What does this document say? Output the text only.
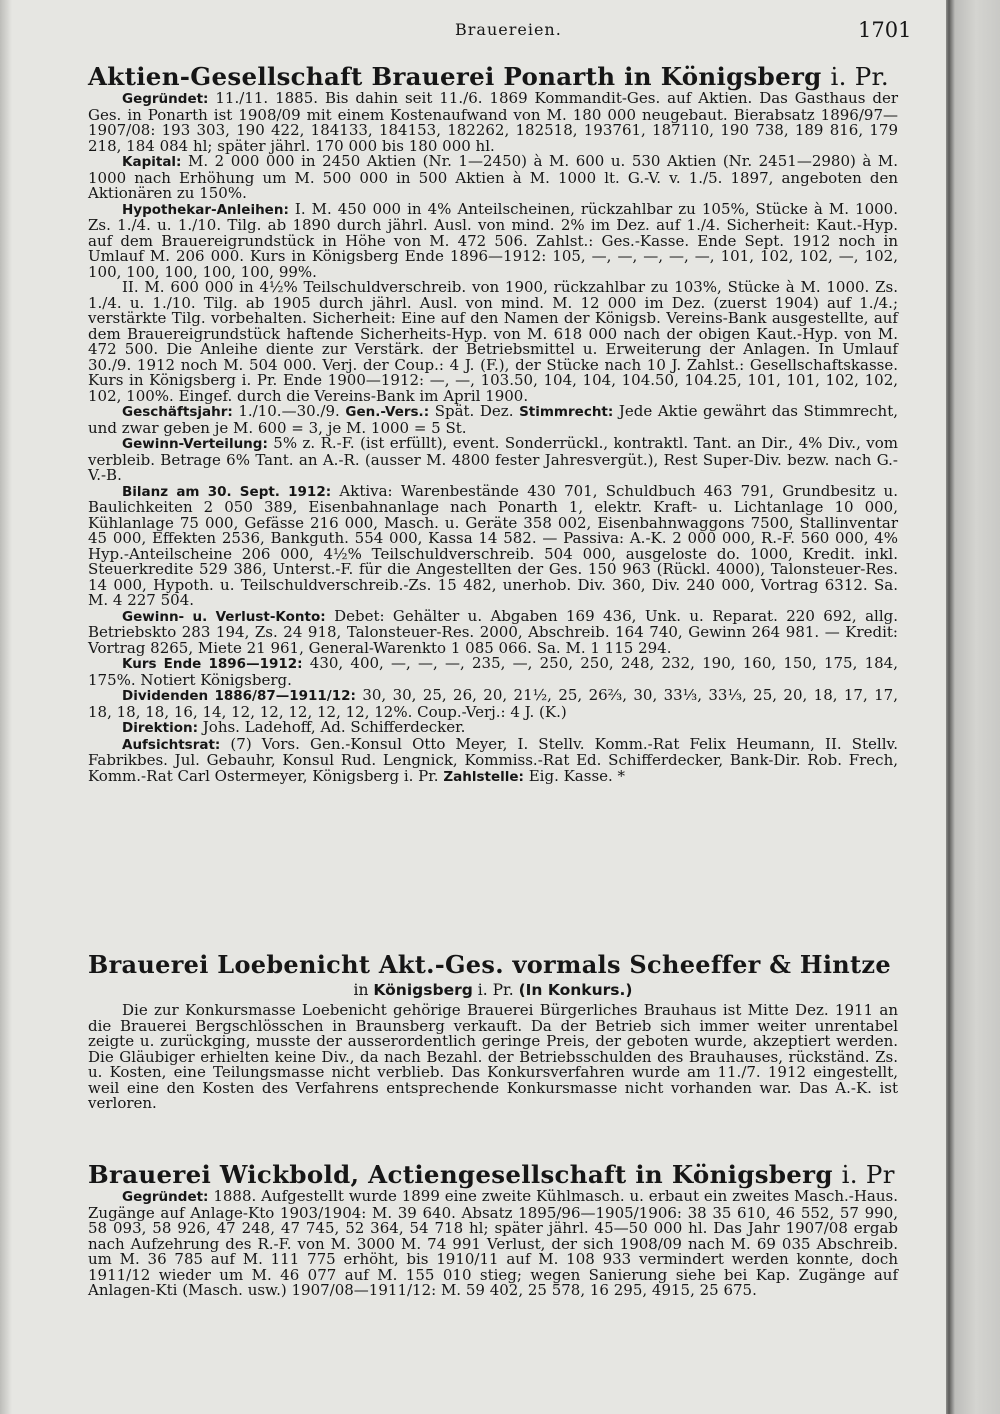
Brauereien.	1701
Aktien-Gesellschaft Brauerei Ponarth in Königsberg i. Pr.

Gegründet: 11./11. 1885. Bis dahin seit 11./6. 1869 Kommandit-Ges. auf Aktien. Das Gasthaus der Ges. in Ponarth ist 1908/09 mit einem Kostenaufwand von M. 180 000 neugebaut. Bierabsatz 1896/97—1907/08: 193 303, 190 422, 184133, 184153, 182262, 182518, 193761, 187110, 190 738, 189 816, 179 218, 184 084 hl; später jährl. 170 000 bis 180 000 hl.

Kapital: M. 2 000 000 in 2450 Aktien (Nr. 1—2450) à M. 600 u. 530 Aktien (Nr. 2451—2980) à M. 1000 nach Erhöhung um M. 500 000 in 500 Aktien à M. 1000 lt. G.-V. v. 1./5. 1897, angeboten den Aktionären zu 150%.

Hypothekar-Anleihen: I. M. 450 000 in 4% Anteilscheinen, rückzahlbar zu 105%, Stücke à M. 1000. Zs. 1./4. u. 1./10. Tilg. ab 1890 durch jährl. Ausl. von mind. 2% im Dez. auf 1./4. Sicherheit: Kaut.-Hyp. auf dem Brauereigrundstück in Höhe von M. 472 506. Zahlst.: Ges.-Kasse. Ende Sept. 1912 noch in Umlauf M. 206 000. Kurs in Königsberg Ende 1896—1912: 105, —, —, —, —, —, 101, 102, 102, —, 102, 100, 100, 100, 100, 100, 99%.

II. M. 600 000 in 4½% Teilschuldverschreib. von 1900, rückzahlbar zu 103%, Stücke à M. 1000. Zs. 1./4. u. 1./10. Tilg. ab 1905 durch jährl. Ausl. von mind. M. 12 000 im Dez. (zuerst 1904) auf 1./4.; verstärkte Tilg. vorbehalten. Sicherheit: Eine auf den Namen der Königsb. Vereins-Bank ausgestellte, auf dem Brauereigrundstück haftende Sicherheits-Hyp. von M. 618 000 nach der obigen Kaut.-Hyp. von M. 472 500. Die Anleihe diente zur Verstärk. der Betriebsmittel u. Erweiterung der Anlagen. In Umlauf 30./9. 1912 noch M. 504 000. Verj. der Coup.: 4 J. (F.), der Stücke nach 10 J. Zahlst.: Gesellschaftskasse. Kurs in Königsberg i. Pr. Ende 1900—1912: —, —, 103.50, 104, 104, 104.50, 104.25, 101, 101, 102, 102, 102, 100%. Eingef. durch die Vereins-Bank im April 1900.

Geschäftsjahr: 1./10.—30./9. Gen.-Vers.: Spät. Dez. Stimmrecht: Jede Aktie gewährt das Stimmrecht, und zwar geben je M. 600 = 3, je M. 1000 = 5 St.

Gewinn-Verteilung: 5% z. R.-F. (ist erfüllt), event. Sonderrückl., kontraktl. Tant. an Dir., 4% Div., vom verbleib. Betrage 6% Tant. an A.-R. (ausser M. 4800 fester Jahresvergüt.), Rest Super-Div. bezw. nach G.-V.-B.

Bilanz am 30. Sept. 1912: Aktiva: Warenbestände 430 701, Schuldbuch 463 791, Grundbesitz u. Baulichkeiten 2 050 389, Eisenbahnanlage nach Ponarth 1, elektr. Kraft- u. Lichtanlage 10 000, Kühlanlage 75 000, Gefässe 216 000, Masch. u. Geräte 358 002, Eisenbahnwaggons 7500, Stallinventar 45 000, Effekten 2536, Bankguth. 554 000, Kassa 14 582. — Passiva: A.-K. 2 000 000, R.-F. 560 000, 4% Hyp.-Anteilscheine 206 000, 4½% Teilschuldverschreib. 504 000, ausgeloste do. 1000, Kredit. inkl. Steuerkredite 529 386, Unterst.-F. für die Angestellten der Ges. 150 963 (Rückl. 4000), Talonsteuer-Res. 14 000, Hypoth. u. Teilschuldverschreib.-Zs. 15 482, unerhob. Div. 360, Div. 240 000, Vortrag 6312. Sa. M. 4 227 504.

Gewinn- u. Verlust-Konto: Debet: Gehälter u. Abgaben 169 436, Unk. u. Reparat. 220 692, allg. Betriebskto 283 194, Zs. 24 918, Talonsteuer-Res. 2000, Abschreib. 164 740, Gewinn 264 981. — Kredit: Vortrag 8265, Miete 21 961, General-Warenkto 1 085 066. Sa. M. 1 115 294.

Kurs Ende 1896—1912: 430, 400, —, —, —, 235, —, 250, 250, 248, 232, 190, 160, 150, 175, 184, 175%. Notiert Königsberg.

Dividenden 1886/87—1911/12: 30, 30, 25, 26, 20, 21½, 25, 26⅔, 30, 33⅓, 33⅓, 25, 20, 18, 17, 17, 18, 18, 18, 16, 14, 12, 12, 12, 12, 12, 12%. Coup.-Verj.: 4 J. (K.)

Direktion: Johs. Ladehoff, Ad. Schifferdecker.

Aufsichtsrat: (7) Vors. Gen.-Konsul Otto Meyer, I. Stellv. Komm.-Rat Felix Heumann, II. Stellv. Fabrikbes. Jul. Gebauhr, Konsul Rud. Lengnick, Kommiss.-Rat Ed. Schifferdecker, Bank-Dir. Rob. Frech, Komm.-Rat Carl Ostermeyer, Königsberg i. Pr. Zahlstelle: Eig. Kasse. *

Brauerei Loebenicht Akt.-Ges. vormals Scheeffer & Hintze
in Königsberg i. Pr. (In Konkurs.)

Die zur Konkursmasse Loebenicht gehörige Brauerei Bürgerliches Brauhaus ist Mitte Dez. 1911 an die Brauerei Bergschlösschen in Braunsberg verkauft. Da der Betrieb sich immer weiter unrentabel zeigte u. zurückging, musste der ausserordentlich geringe Preis, der geboten wurde, akzeptiert werden. Die Gläubiger erhielten keine Div., da nach Bezahl. der Betriebsschulden des Brauhauses, rückständ. Zs. u. Kosten, eine Teilungsmasse nicht verblieb. Das Konkursverfahren wurde am 11./7. 1912 eingestellt, weil eine den Kosten des Verfahrens entsprechende Konkursmasse nicht vorhanden war. Das A.-K. ist verloren.

Brauerei Wickbold, Actiengesellschaft in Königsberg i. Pr

Gegründet: 1888. Aufgestellt wurde 1899 eine zweite Kühlmasch. u. erbaut ein zweites Masch.-Haus. Zugänge auf Anlage-Kto 1903/1904: M. 39 640. Absatz 1895/96—1905/1906: 38 35 610, 46 552, 57 990, 58 093, 58 926, 47 248, 47 745, 52 364, 54 718 hl; später jährl. 45—50 000 hl. Das Jahr 1907/08 ergab nach Aufzehrung des R.-F. von M. 3000 M. 74 991 Verlust, der sich 1908/09 nach M. 69 035 Abschreib. um M. 36 785 auf M. 111 775 erhöht, bis 1910/11 auf M. 108 933 vermindert werden konnte, doch 1911/12 wieder um M. 46 077 auf M. 155 010 stieg; wegen Sanierung siehe bei Kap. Zugänge auf Anlagen-Kti (Masch. usw.) 1907/08—1911/12: M. 59 402, 25 578, 16 295, 4915, 25 675.
